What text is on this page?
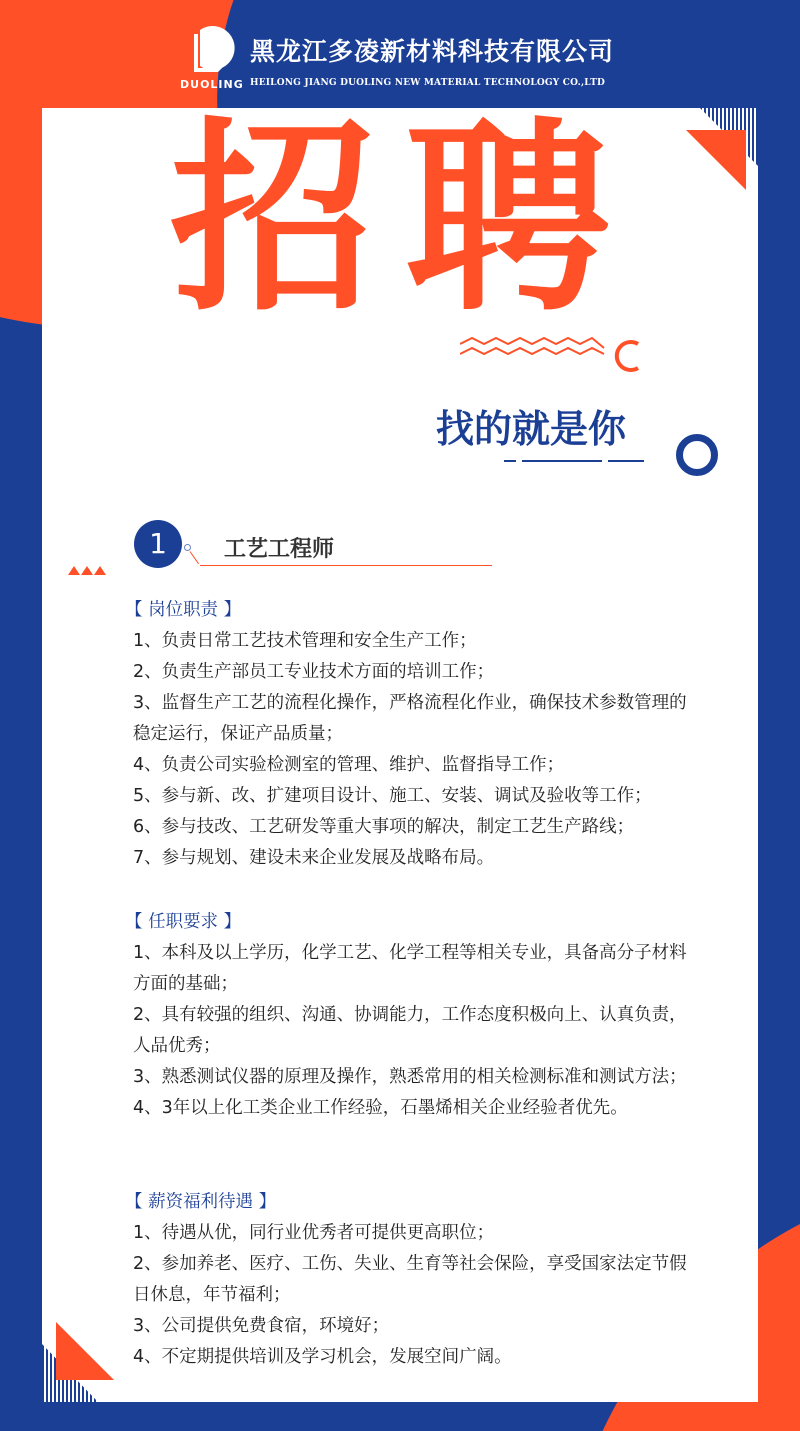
DUOLING
黑龙江多凌新材料科技有限公司
HEILONG JIANG DUOLING NEW MATERIAL TECHNOLOGY CO.,LTD
招聘
找的就是你
1	工艺工程师
【 岗位职责 】
1、负责日常工艺技术管理和安全生产工作；
2、负责生产部员工专业技术方面的培训工作；
3、监督生产工艺的流程化操作，严格流程化作业，确保技术参数管理的稳定运行，保证产品质量；
4、负责公司实验检测室的管理、维护、监督指导工作；
5、参与新、改、扩建项目设计、施工、安装、调试及验收等工作；
6、参与技改、工艺研发等重大事项的解决，制定工艺生产路线；
7、参与规划、建设未来企业发展及战略布局。
【 任职要求 】
1、本科及以上学历，化学工艺、化学工程等相关专业，具备高分子材料方面的基础；
2、具有较强的组织、沟通、协调能力，工作态度积极向上、认真负责，人品优秀；
3、熟悉测试仪器的原理及操作，熟悉常用的相关检测标准和测试方法；
4、3年以上化工类企业工作经验，石墨烯相关企业经验者优先。
【 薪资福利待遇 】
1、待遇从优，同行业优秀者可提供更高职位；
2、参加养老、医疗、工伤、失业、生育等社会保险，享受国家法定节假日休息，年节福利；
3、公司提供免费食宿，环境好；
4、不定期提供培训及学习机会，发展空间广阔。
